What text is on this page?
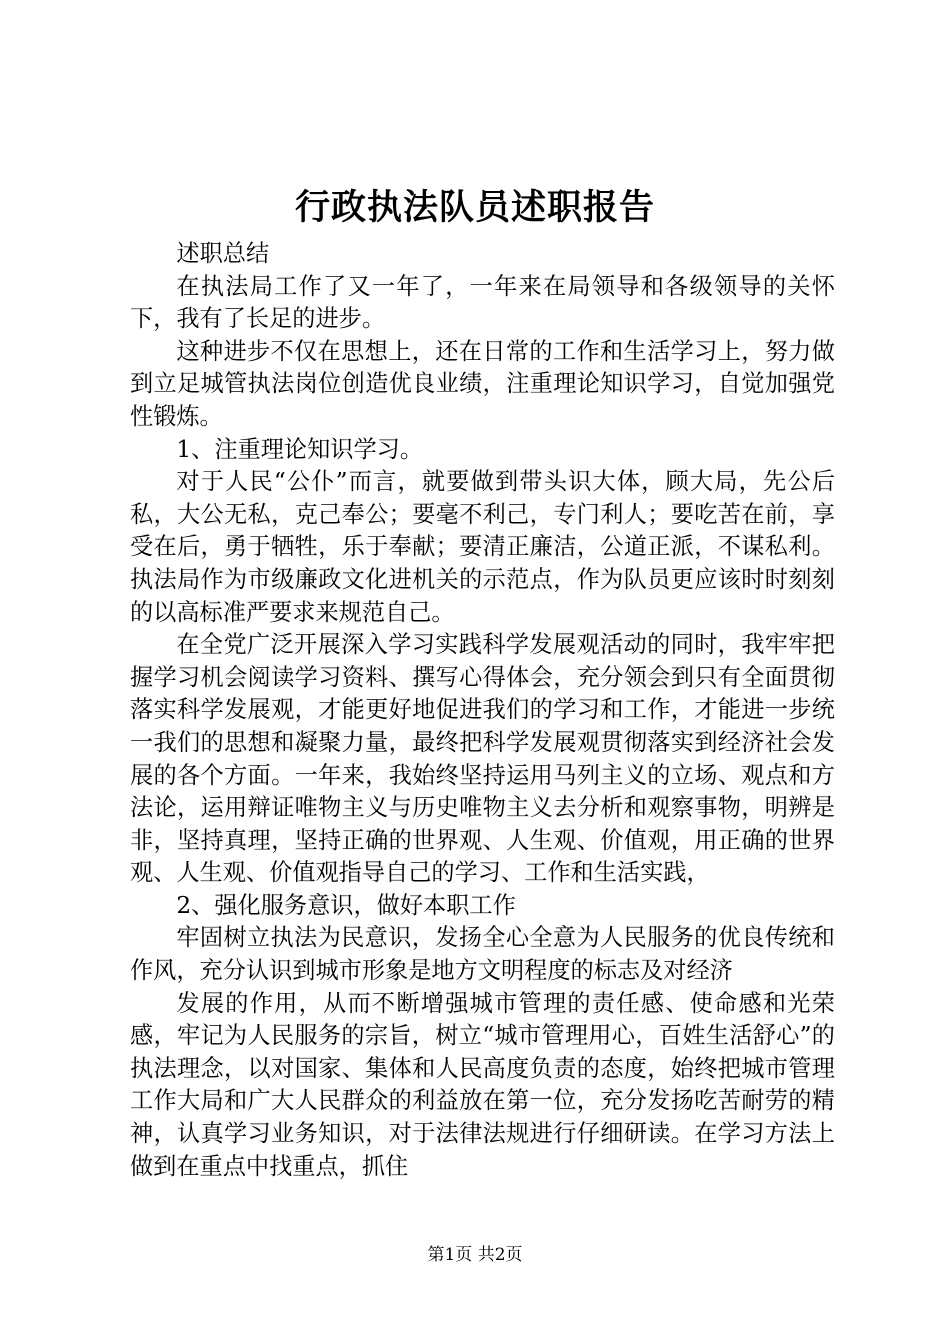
行政执法队员述职报告

述职总结

在执法局工作了又一年了，一年来在局领导和各级领导的关怀下，我有了长足的进步。

这种进步不仅在思想上，还在日常的工作和生活学习上，努力做到立足城管执法岗位创造优良业绩，注重理论知识学习，自觉加强党性锻炼。

1、注重理论知识学习。

对于人民“公仆”而言，就要做到带头识大体，顾大局，先公后私，大公无私，克己奉公；要毫不利己，专门利人；要吃苦在前，享受在后，勇于牺牲，乐于奉献；要清正廉洁，公道正派，不谋私利。执法局作为市级廉政文化进机关的示范点，作为队员更应该时时刻刻的以高标准严要求来规范自己。

在全党广泛开展深入学习实践科学发展观活动的同时，我牢牢把握学习机会阅读学习资料、撰写心得体会，充分领会到只有全面贯彻落实科学发展观，才能更好地促进我们的学习和工作，才能进一步统一我们的思想和凝聚力量，最终把科学发展观贯彻落实到经济社会发展的各个方面。一年来，我始终坚持运用马列主义的立场、观点和方法论，运用辩证唯物主义与历史唯物主义去分析和观察事物，明辨是非，坚持真理，坚持正确的世界观、人生观、价值观，用正确的世界观、人生观、价值观指导自己的学习、工作和生活实践，

2、强化服务意识，做好本职工作

牢固树立执法为民意识，发扬全心全意为人民服务的优良传统和作风，充分认识到城市形象是地方文明程度的标志及对经济

发展的作用，从而不断增强城市管理的责任感、使命感和光荣感，牢记为人民服务的宗旨，树立“城市管理用心，百姓生活舒心”的执法理念，以对国家、集体和人民高度负责的态度，始终把城市管理工作大局和广大人民群众的利益放在第一位，充分发扬吃苦耐劳的精神，认真学习业务知识，对于法律法规进行仔细研读。在学习方法上做到在重点中找重点，抓住

第1页 共2页
